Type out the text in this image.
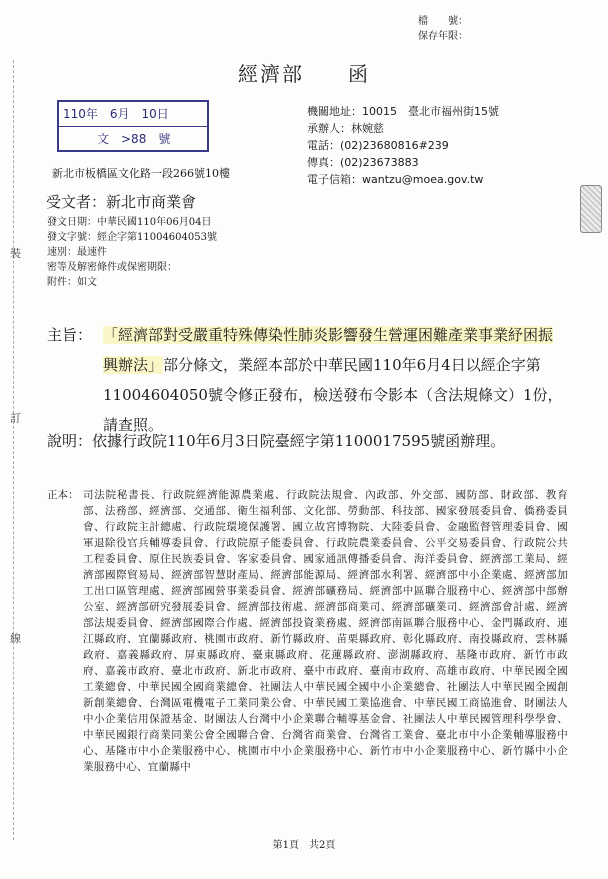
裝
訂
線
檔　　號：
保存年限：
經濟部　　函
110年　6月　10日
文　>88　號
機關地址：10015　臺北市福州街15號
承辦人：林婉慈
電話：(02)23680816#239
傳真：(02)23673883
電子信箱：wantzu@moea.gov.tw
新北市板橋區文化路一段266號10樓
受文者：新北市商業會
發文日期：中華民國110年06月04日
發文字號：經企字第11004604053號
速別：最速件
密等及解密條件或保密期限：
附件：如文
主旨： 「經濟部對受嚴重特殊傳染性肺炎影響發生營運困難產業事業紓困振興辦法」部分條文，業經本部於中華民國110年6月4日以經企字第11004604050號令修正發布，檢送發布令影本（含法規條文）1份，請查照。
說明：依據行政院110年6月3日院臺經字第1100017595號函辦理。
正本： 司法院秘書長、行政院經濟能源農業處、行政院法規會、內政部、外交部、國防部、財政部、教育部、法務部、經濟部、交通部、衛生福利部、文化部、勞動部、科技部、國家發展委員會、僑務委員會、行政院主計總處、行政院環境保護署、國立故宮博物院、大陸委員會、金融監督管理委員會、國軍退除役官兵輔導委員會、行政院原子能委員會、行政院農業委員會、公平交易委員會、行政院公共工程委員會、原住民族委員會、客家委員會、國家通訊傳播委員會、海洋委員會、經濟部工業局、經濟部國際貿易局、經濟部智慧財產局、經濟部能源局、經濟部水利署、經濟部中小企業處、經濟部加工出口區管理處、經濟部國營事業委員會、經濟部礦務局、經濟部中區聯合服務中心、經濟部中部辦公室、經濟部研究發展委員會、經濟部技術處、經濟部商業司、經濟部礦業司、經濟部會計處、經濟部法規委員會、經濟部國際合作處、經濟部投資業務處、經濟部南區聯合服務中心、金門縣政府、連江縣政府、宜蘭縣政府、桃園市政府、新竹縣政府、苗栗縣政府、彰化縣政府、南投縣政府、雲林縣政府、嘉義縣政府、屏東縣政府、臺東縣政府、花蓮縣政府、澎湖縣政府、基隆市政府、新竹市政府、嘉義市政府、臺北市政府、新北市政府、臺中市政府、臺南市政府、高雄市政府、中華民國全國工業總會、中華民國全國商業總會、社團法人中華民國全國中小企業總會、社團法人中華民國全國創新創業總會、台灣區電機電子工業同業公會、中華民國工業協進會、中華民國工商協進會、財團法人中小企業信用保證基金、財團法人台灣中小企業聯合輔導基金會、社團法人中華民國管理科學學會、中華民國銀行商業同業公會全國聯合會、台灣省商業會、台灣省工業會、臺北市中小企業輔導服務中心、基隆市中小企業服務中心、桃園市中小企業服務中心、新竹市中小企業服務中心、新竹縣中小企業服務中心、宜蘭縣中
第1頁　共2頁
